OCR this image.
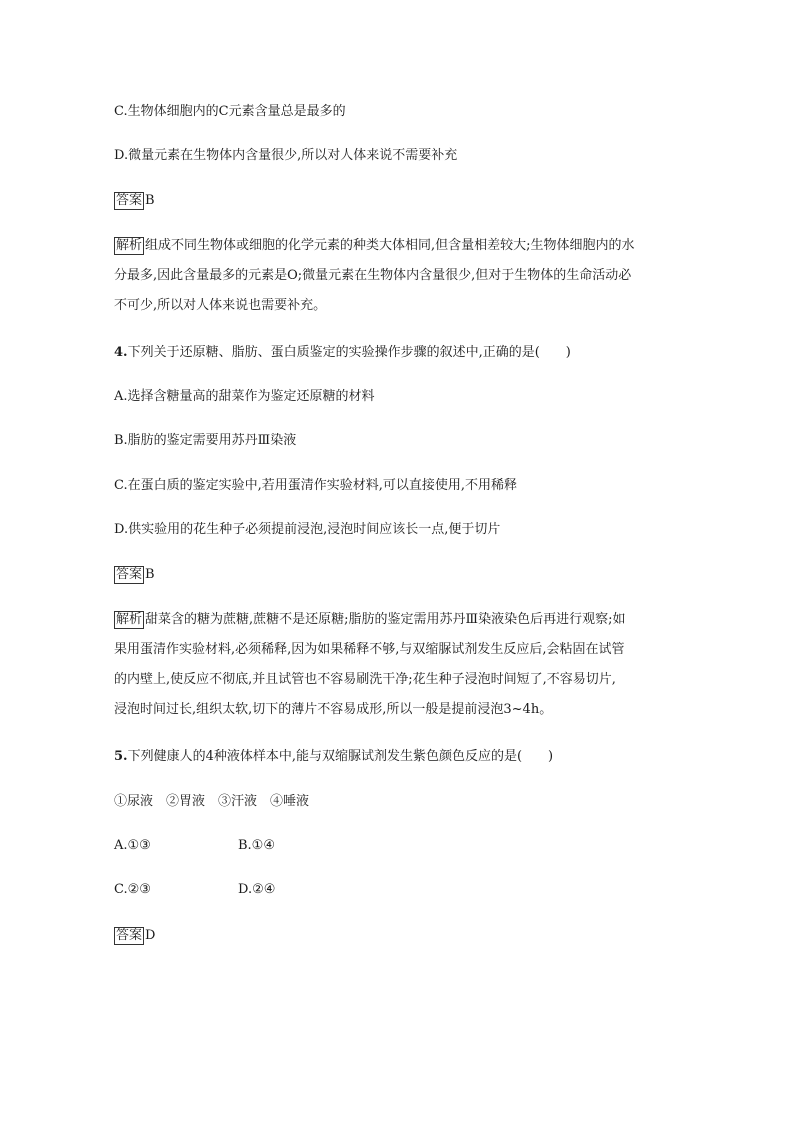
C.生物体细胞内的C元素含量总是最多的
D.微量元素在生物体内含量很少,所以对人体来说不需要补充
答案 B
解析 组成不同生物体或细胞的化学元素的种类大体相同,但含量相差较大;生物体细胞内的水
分最多,因此含量最多的元素是O;微量元素在生物体内含量很少,但对于生物体的生命活动必
不可少,所以对人体来说也需要补充。
4.下列关于还原糖、脂肪、蛋白质鉴定的实验操作步骤的叙述中,正确的是(　　)
A.选择含糖量高的甜菜作为鉴定还原糖的材料
B.脂肪的鉴定需要用苏丹Ⅲ染液
C.在蛋白质的鉴定实验中,若用蛋清作实验材料,可以直接使用,不用稀释
D.供实验用的花生种子必须提前浸泡,浸泡时间应该长一点,便于切片
答案 B
解析 甜菜含的糖为蔗糖,蔗糖不是还原糖;脂肪的鉴定需用苏丹Ⅲ染液染色后再进行观察;如
果用蛋清作实验材料,必须稀释,因为如果稀释不够,与双缩脲试剂发生反应后,会粘固在试管
的内壁上,使反应不彻底,并且试管也不容易刷洗干净;花生种子浸泡时间短了,不容易切片,
浸泡时间过长,组织太软,切下的薄片不容易成形,所以一般是提前浸泡3~4h。
5.下列健康人的4种液体样本中,能与双缩脲试剂发生紫色颜色反应的是(　　)
①尿液　②胃液　③汗液　④唾液
A.①③	B.①④
C.②③	D.②④
答案 D
